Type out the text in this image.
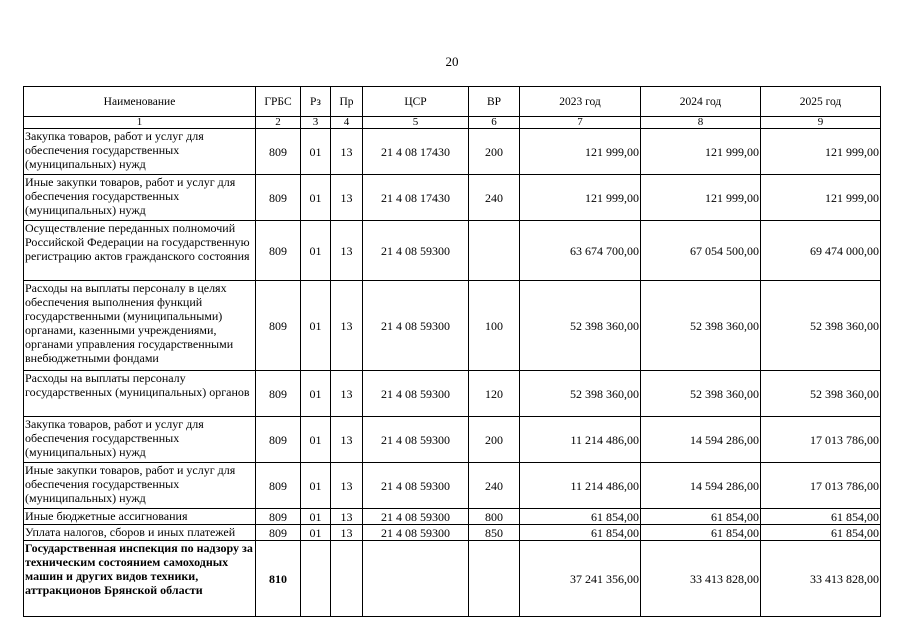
20
Наименование	ГРБС	Рз	Пр	ЦСР	ВР	2023 год	2024 год	2025 год
1	2	3	4	5	6	7	8	9
Закупка товаров, работ и услуг для обеспечения государственных (муниципальных) нужд	809	01	13	21 4 08 17430	200	121 999,00	121 999,00	121 999,00
Иные закупки товаров, работ и услуг для обеспечения государственных (муниципальных) нужд	809	01	13	21 4 08 17430	240	121 999,00	121 999,00	121 999,00
Осуществление переданных полномочий Российской Федерации на государственную регистрацию актов гражданского состояния	809	01	13	21 4 08 59300		63 674 700,00	67 054 500,00	69 474 000,00
Расходы на выплаты персоналу в целях обеспечения выполнения функций государственными (муниципальными) органами, казенными учреждениями, органами управления государственными внебюджетными фондами	809	01	13	21 4 08 59300	100	52 398 360,00	52 398 360,00	52 398 360,00
Расходы на выплаты персоналу государственных (муниципальных) органов	809	01	13	21 4 08 59300	120	52 398 360,00	52 398 360,00	52 398 360,00
Закупка товаров, работ и услуг для обеспечения государственных (муниципальных) нужд	809	01	13	21 4 08 59300	200	11 214 486,00	14 594 286,00	17 013 786,00
Иные закупки товаров, работ и услуг для обеспечения государственных (муниципальных) нужд	809	01	13	21 4 08 59300	240	11 214 486,00	14 594 286,00	17 013 786,00
Иные бюджетные ассигнования	809	01	13	21 4 08 59300	800	61 854,00	61 854,00	61 854,00
Уплата налогов, сборов и иных платежей	809	01	13	21 4 08 59300	850	61 854,00	61 854,00	61 854,00
Государственная инспекция по надзору за техническим состоянием самоходных машин и других видов техники, аттракционов Брянской области	810					37 241 356,00	33 413 828,00	33 413 828,00
